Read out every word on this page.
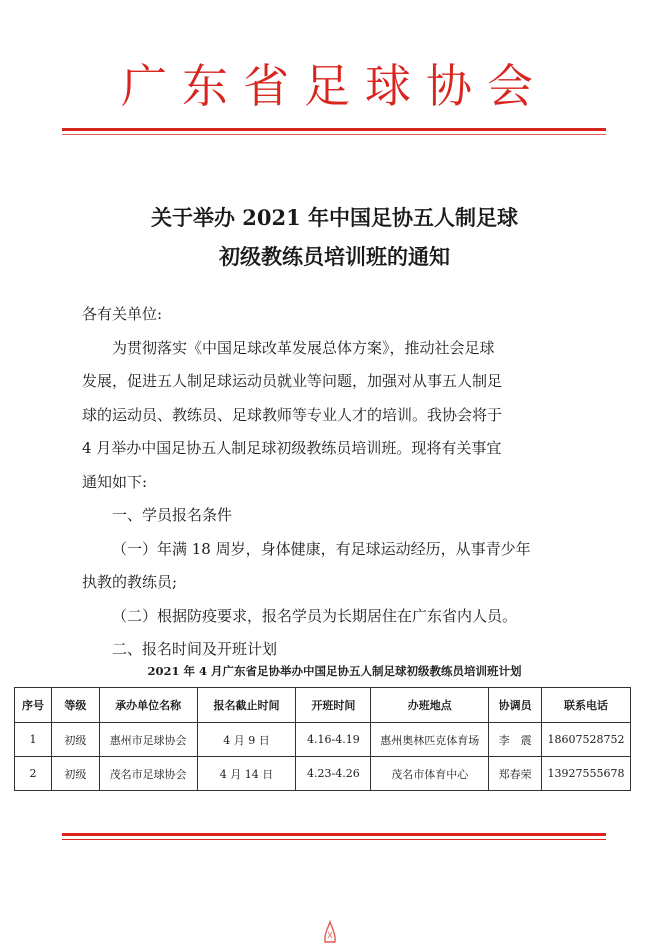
广东省足球协会
关于举办 2021 年中国足协五人制足球
初级教练员培训班的通知

各有关单位:

为贯彻落实《中国足球改革发展总体方案》，推动社会足球

发展，促进五人制足球运动员就业等问题，加强对从事五人制足

球的运动员、教练员、足球教师等专业人才的培训。我协会将于

4 月举办中国足协五人制足球初级教练员培训班。现将有关事宜

通知如下:

一、学员报名条件

（一）年满 18 周岁，身体健康，有足球运动经历，从事青少年

执教的教练员;

（二）根据防疫要求，报名学员为长期居住在广东省内人员。

二、报名时间及开班计划

2021 年 4 月广东省足协举办中国足协五人制足球初级教练员培训班计划
序号	等级	承办单位名称	报名截止时间	开班时间	办班地点	协调员	联系电话
1	初级	惠州市足球协会	4 月 9 日	4.16-4.19	惠州奥林匹克体育场	李　震	18607528752
2	初级	茂名市足球协会	4 月 14 日	4.23-4.26	茂名市体育中心	郑春荣	13927555678
